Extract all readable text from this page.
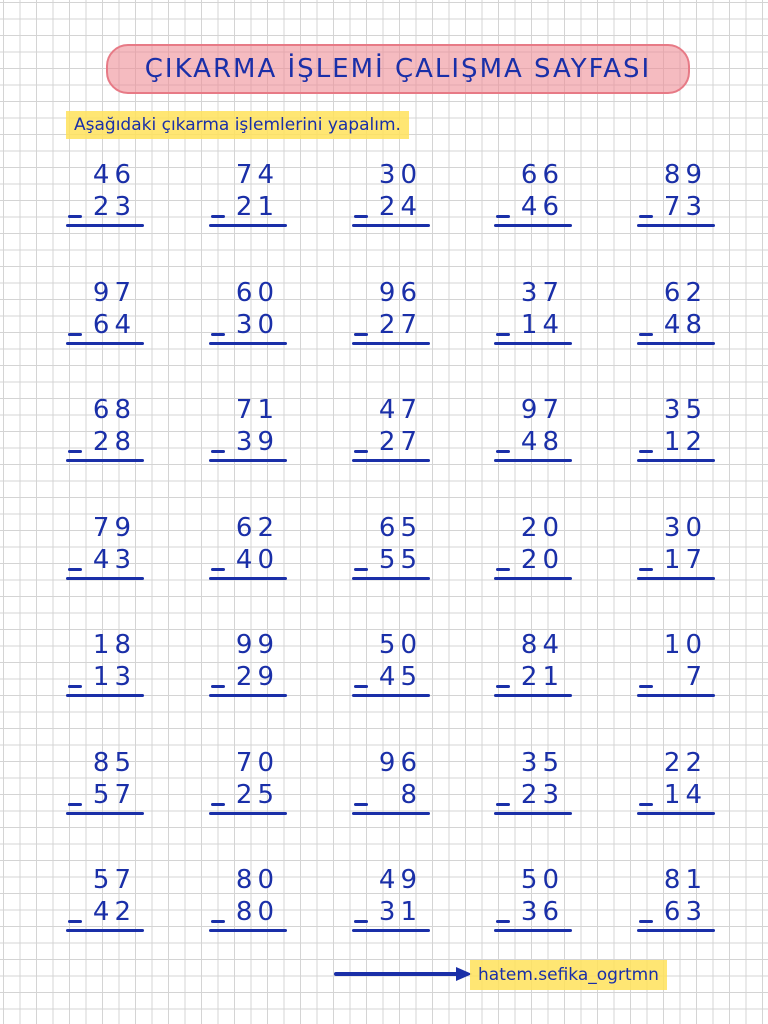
ÇIKARMA İŞLEMİ ÇALIŞMA SAYFASI
Aşağıdaki çıkarma işlemlerini yapalım.
46
23
74
21
30
24
66
46
89
73
97
64
60
30
96
27
37
14
62
48
68
28
71
39
47
27
97
48
35
12
79
43
62
40
65
55
20
20
30
17
18
13
99
29
50
45
84
21
10
7
85
57
70
25
96
8
35
23
22
14
57
42
80
80
49
31
50
36
81
63
hatem.sefika_ogrtmn
